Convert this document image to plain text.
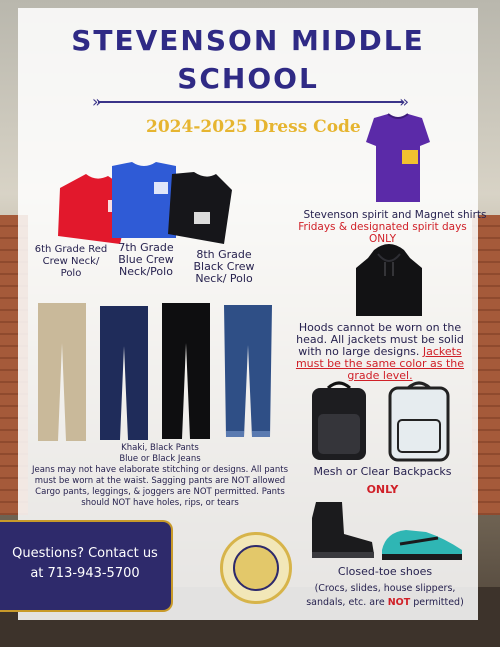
STEVENSON MIDDLE
SCHOOL
» »
2024-2025 Dress Code
Stevenson spirit and Magnet shirts
Fridays & designated spirit days
ONLY
6th Grade Red Crew Neck/ Polo
7th Grade Blue Crew Neck/Polo
8th Grade Black Crew Neck/ Polo
Hoods cannot be worn on the
head. All jackets must be solid
with no large designs. Jackets
must be the same color as the
grade level.
Khaki, Black Pants
Blue or Black Jeans
Jeans may not have elaborate stitching or designs. All pants
must be worn at the waist. Sagging pants are NOT allowed
Cargo pants, leggings, & joggers are NOT permitted. Pants
should NOT have holes, rips, or tears
Mesh or Clear Backpacks
ONLY
Closed-toe shoes
(Crocs, slides, house slippers,
sandals, etc. are NOT permitted)
Questions? Contact us
at 713-943-5700
